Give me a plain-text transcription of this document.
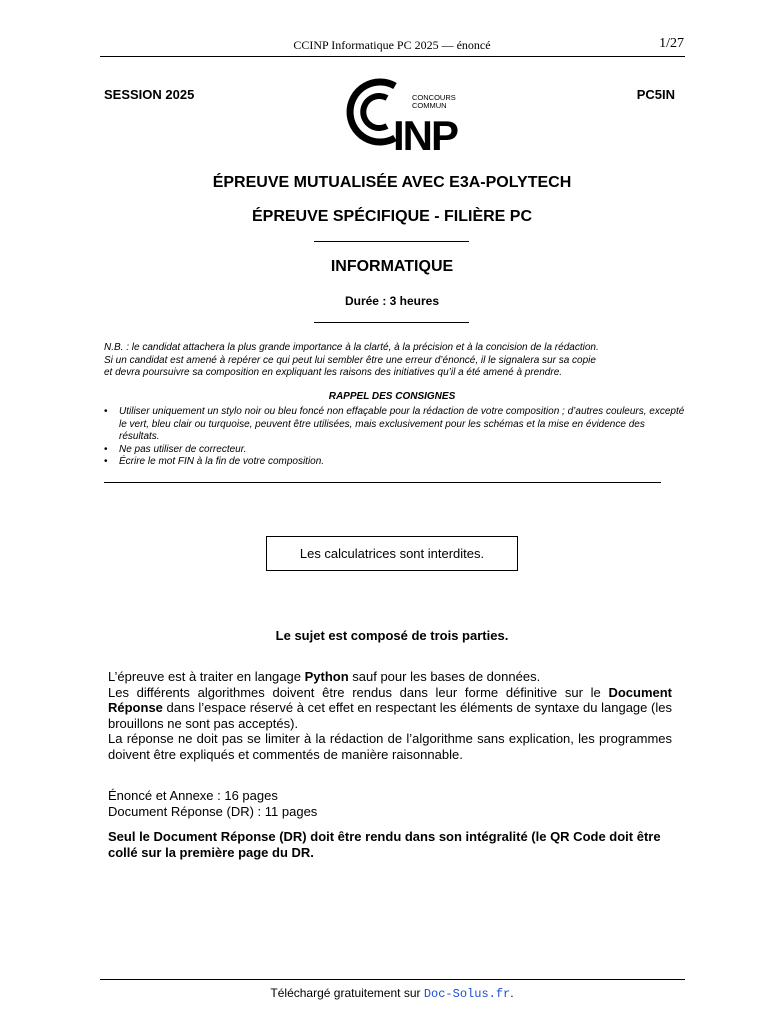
CCINP Informatique PC 2025 — énoncé	1/27
SESSION 2025	PC5IN
CONCOURS
COMMUN
INP
ÉPREUVE MUTUALISÉE AVEC E3A-POLYTECH
ÉPREUVE SPÉCIFIQUE - FILIÈRE PC
INFORMATIQUE
Durée : 3 heures
N.B. : le candidat attachera la plus grande importance à la clarté, à la précision et à la concision de la rédaction.
Si un candidat est amené à repérer ce qui peut lui sembler être une erreur d’énoncé, il le signalera sur sa copie
et devra poursuivre sa composition en expliquant les raisons des initiatives qu’il a été amené à prendre.
RAPPEL DES CONSIGNES
• Utiliser uniquement un stylo noir ou bleu foncé non effaçable pour la rédaction de votre composition ; d’autres couleurs, excepté le vert, bleu clair ou turquoise, peuvent être utilisées, mais exclusivement pour les schémas et la mise en évidence des résultats.
• Ne pas utiliser de correcteur.
• Écrire le mot FIN à la fin de votre composition.
Les calculatrices sont interdites.
Le sujet est composé de trois parties.

L’épreuve est à traiter en langage Python sauf pour les bases de données.

Les différents algorithmes doivent être rendus dans leur forme définitive sur le Document Réponse dans l’espace réservé à cet effet en respectant les éléments de syntaxe du langage (les brouillons ne sont pas acceptés).

La réponse ne doit pas se limiter à la rédaction de l’algorithme sans explication, les programmes doivent être expliqués et commentés de manière raisonnable.

Énoncé et Annexe : 16 pages
Document Réponse (DR) : 11 pages
Seul le Document Réponse (DR) doit être rendu dans son intégralité (le QR Code doit être collé sur la première page du DR.
Téléchargé gratuitement sur Doc-Solus.fr.
